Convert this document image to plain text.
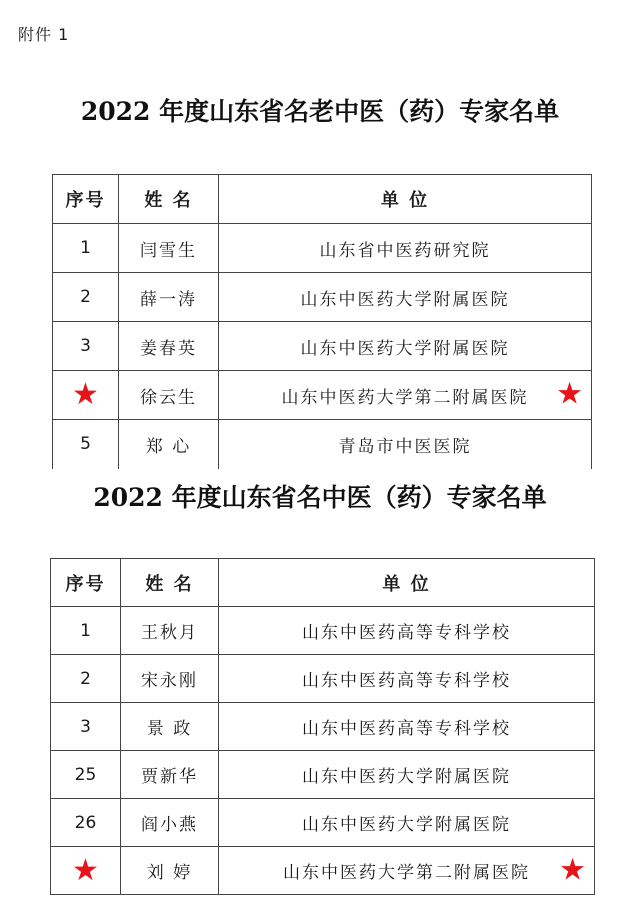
附件 1
2022 年度山东省名老中医（药）专家名单
序号	姓 名	单 位
1	闫雪生	山东省中医药研究院
2	薛一涛	山东中医药大学附属医院
3	姜春英	山东中医药大学附属医院
★	徐云生	山东中医药大学第二附属医院 ★

5	郑 心	青岛市中医医院
2022 年度山东省名中医（药）专家名单
序号	姓 名	单 位
1	王秋月	山东中医药高等专科学校
2	宋永刚	山东中医药高等专科学校
3	景 政	山东中医药高等专科学校
25	贾新华	山东中医药大学附属医院
26	阎小燕	山东中医药大学附属医院
★	刘 婷	山东中医药大学第二附属医院 ★
